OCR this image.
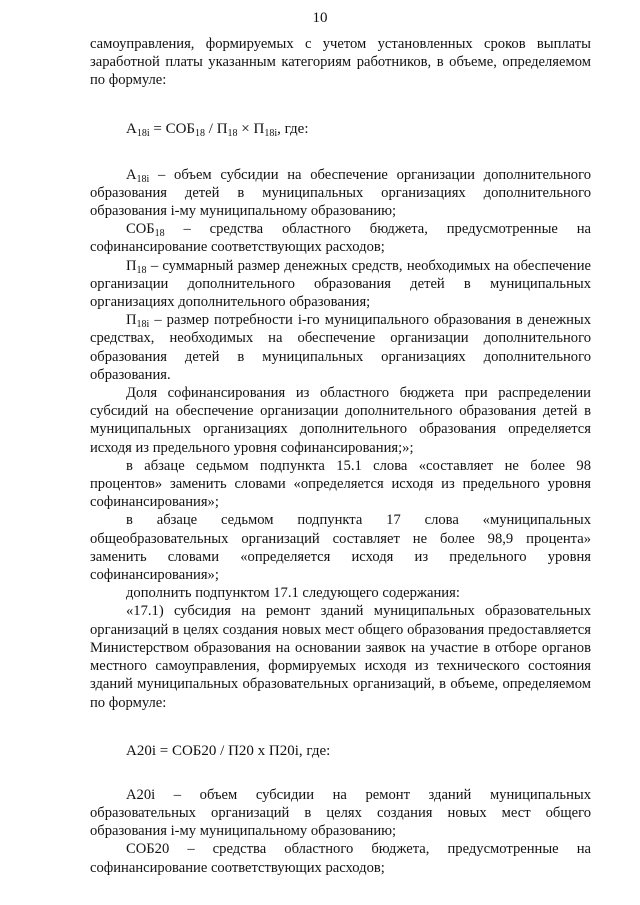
10

самоуправления, формируемых с учетом установленных сроков выплаты заработной платы указанным категориям работников, в объеме, определяемом по формуле:

$A_{18i} = СОБ_{18} / П_{18} \times П_{18i}$, где:

$A_{18i}$ – объем субсидии на обеспечение организации дополнительного образования детей в муниципальных организациях дополнительного образования i-му муниципальному образованию;

$СОБ_{18}$ – средства областного бюджета, предусмотренные на софинансирование соответствующих расходов;

$П_{18}$ – суммарный размер денежных средств, необходимых на обеспечение организации дополнительного образования детей в муниципальных организациях дополнительного образования;

$П_{18i}$ – размер потребности i-го муниципального образования в денежных средствах, необходимых на обеспечение организации дополнительного образования детей в муниципальных организациях дополнительного образования.

Доля софинансирования из областного бюджета при распределении субсидий на обеспечение организации дополнительного образования детей в муниципальных организациях дополнительного образования определяется исходя из предельного уровня софинансирования;»;

в абзаце седьмом подпункта 15.1 слова «составляет не более 98 процентов» заменить словами «определяется исходя из предельного уровня софинансирования»;

в абзаце седьмом подпункта 17 слова «муниципальных общеобразовательных организаций составляет не более 98,9 процента» заменить словами «определяется исходя из предельного уровня софинансирования»;

дополнить подпунктом 17.1 следующего содержания:

«17.1) субсидия на ремонт зданий муниципальных образовательных организаций в целях создания новых мест общего образования предоставляется Министерством образования на основании заявок на участие в отборе органов местного самоуправления, формируемых исходя из технического состояния зданий муниципальных образовательных организаций, в объеме, определяемом по формуле:

A20i = СОБ20 / П20 х П20i, где:

A20i – объем субсидии на ремонт зданий муниципальных образовательных организаций в целях создания новых мест общего образования i-му муниципальному образованию;

СОБ20 – средства областного бюджета, предусмотренные на софинансирование соответствующих расходов;
